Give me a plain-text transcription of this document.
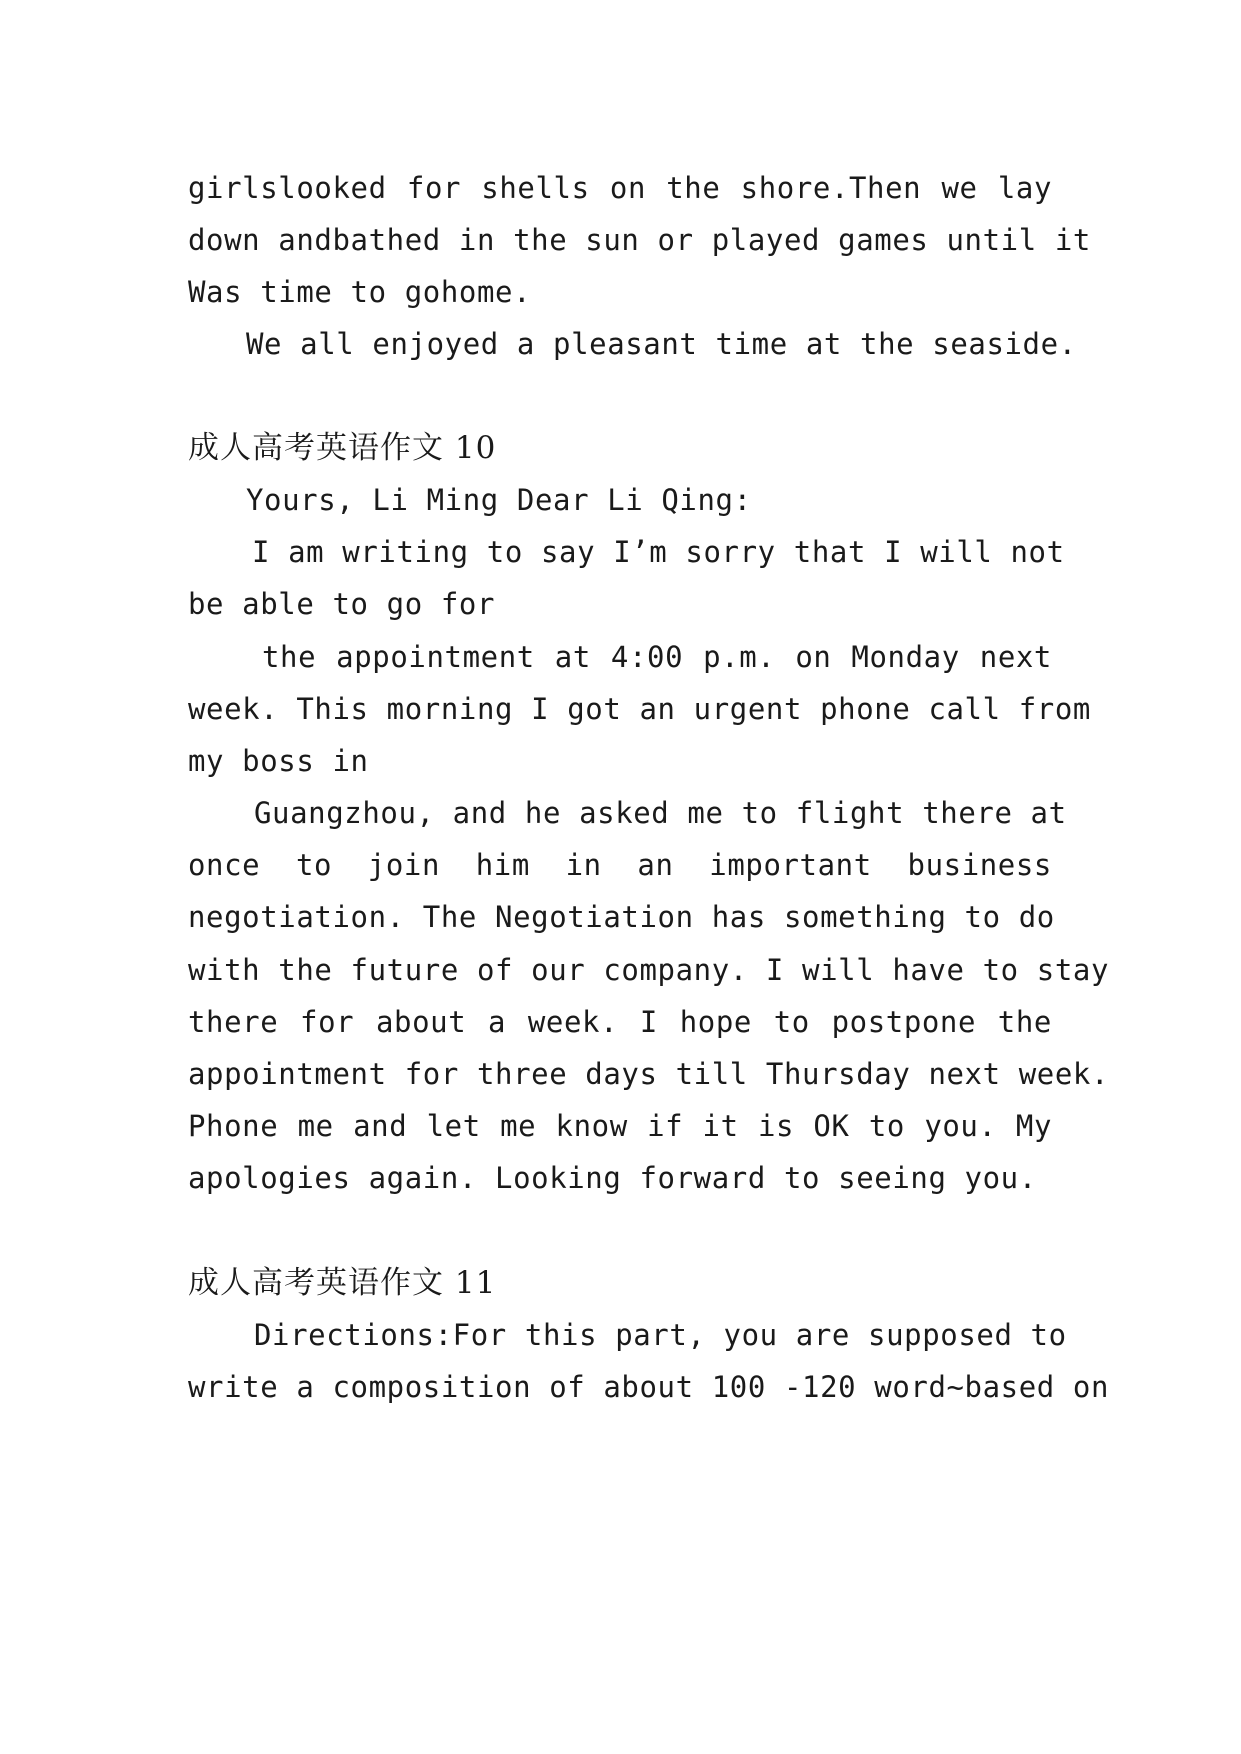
girlslooked for shells on the shore.Then we lay
down andbathed in the sun or played games until it
Was time to gohome.
We all enjoyed a pleasant time at the seaside.
成人高考英语作文 10
Yours, Li Ming Dear Li Qing:
I am writing to say I’m sorry that I will not
be able to go for
the appointment at 4:00 p.m. on Monday next
week. This morning I got an urgent phone call from
my boss in
Guangzhou, and he asked me to flight there at
once to join him in an important business
negotiation. The Negotiation has something to do
with the future of our company. I will have to stay
there for about a week. I hope to postpone the
appointment for three days till Thursday next week.
Phone me and let me know if it is OK to you. My
apologies again. Looking forward to seeing you.
成人高考英语作文 11
Directions:For this part, you are supposed to
write a composition of about 100 -120 word~based on
